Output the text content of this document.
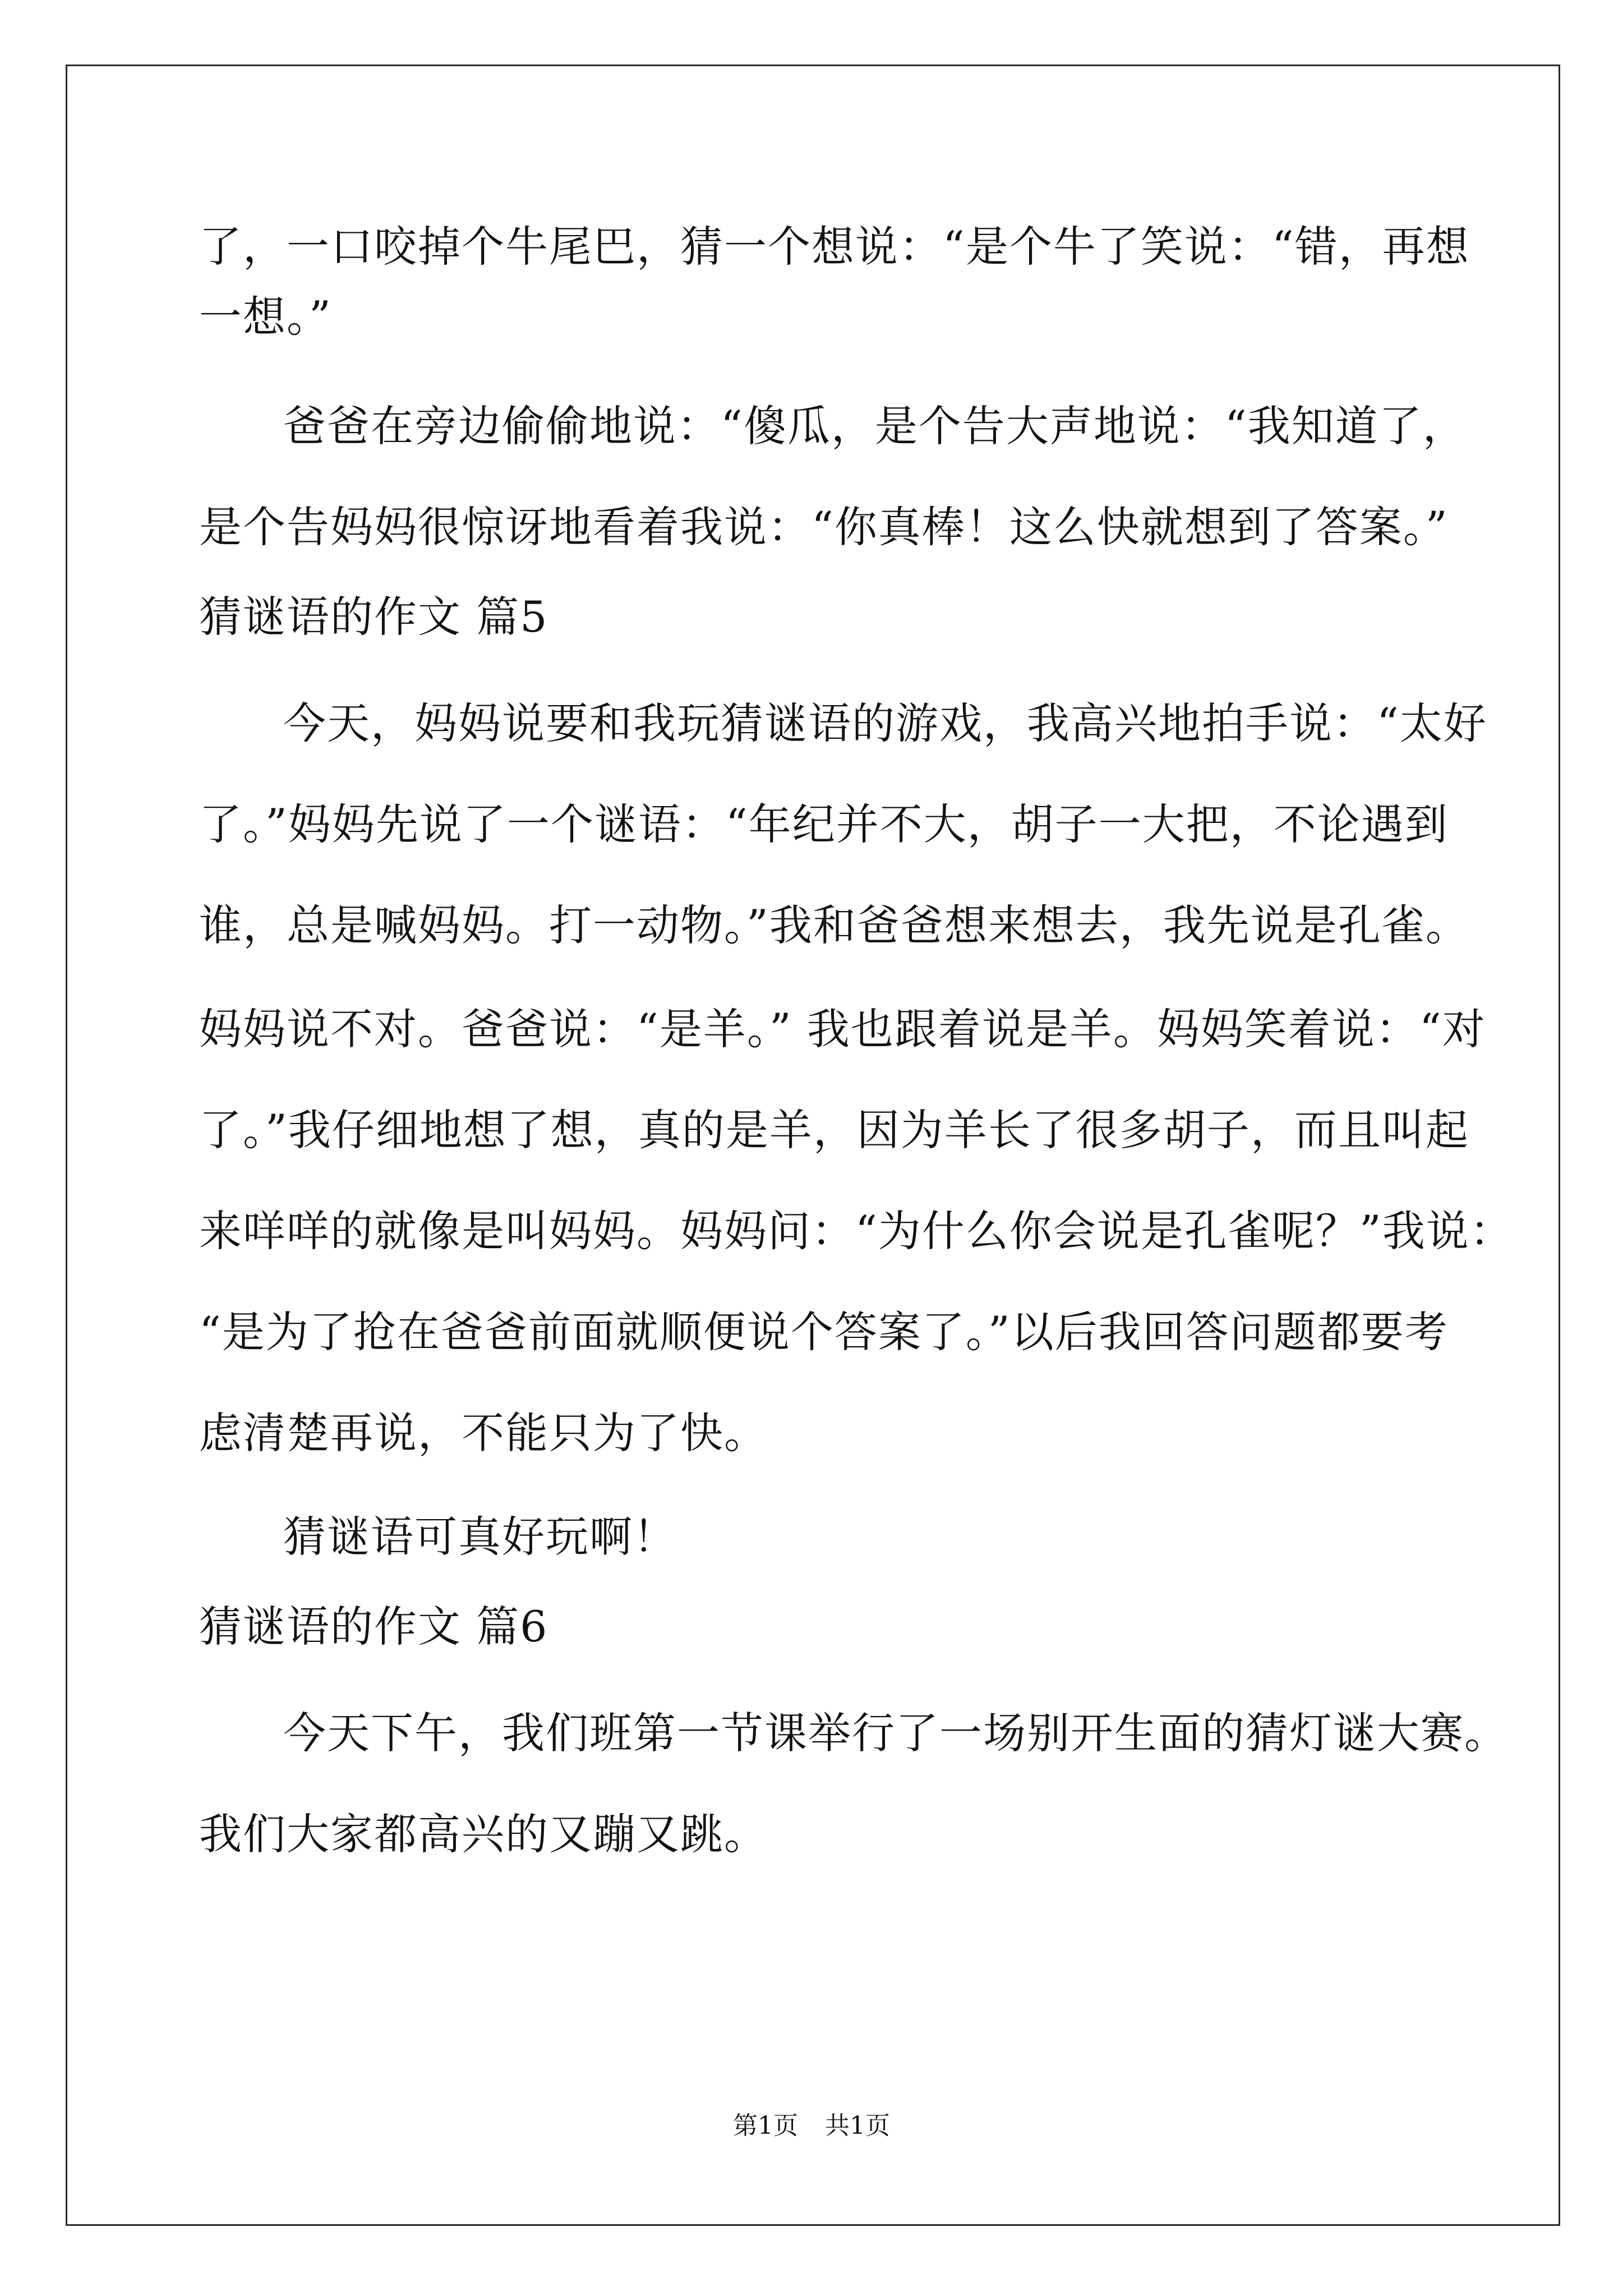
了，一口咬掉个牛尾巴，猜一个想说：“是个牛了笑说：“错，再想
一想。”
爸爸在旁边偷偷地说：“傻瓜，是个告大声地说：“我知道了，
是个告妈妈很惊讶地看着我说：“你真棒！这么快就想到了答案。”
猜谜语的作文 篇5
今天，妈妈说要和我玩猜谜语的游戏，我高兴地拍手说：“太好
了。”妈妈先说了一个谜语：“年纪并不大，胡子一大把，不论遇到
谁，总是喊妈妈。打一动物。”我和爸爸想来想去，我先说是孔雀。
妈妈说不对。爸爸说：“是羊。” 我也跟着说是羊。妈妈笑着说：“对
了。”我仔细地想了想，真的是羊，因为羊长了很多胡子，而且叫起
来咩咩的就像是叫妈妈。妈妈问：“为什么你会说是孔雀呢？”我说：
“是为了抢在爸爸前面就顺便说个答案了。”以后我回答问题都要考
虑清楚再说，不能只为了快。
猜谜语可真好玩啊！
猜谜语的作文 篇6
今天下午，我们班第一节课举行了一场别开生面的猜灯谜大赛。
我们大家都高兴的又蹦又跳。
第1页 共1页
